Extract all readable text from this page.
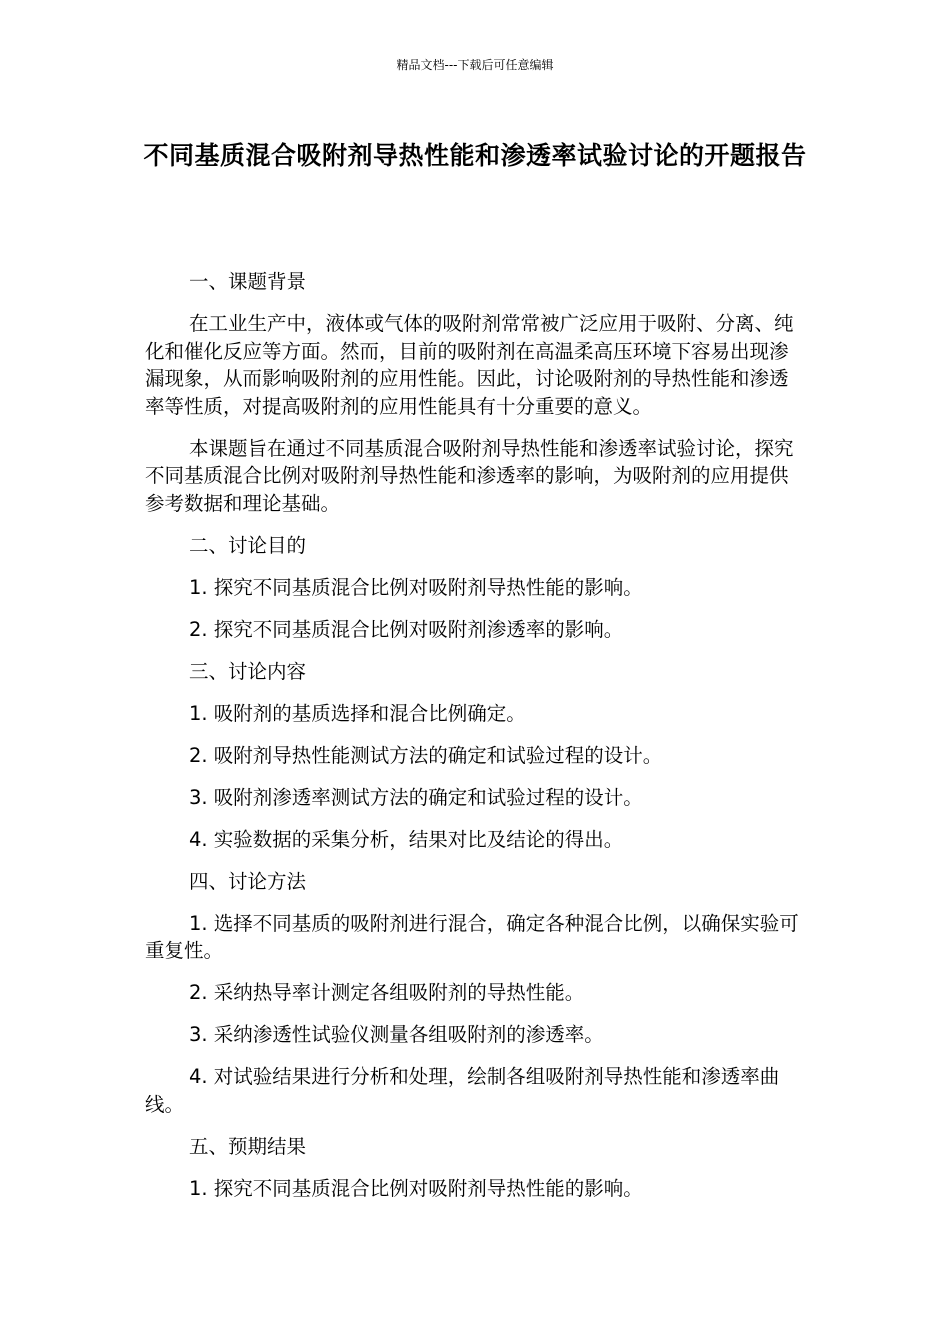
精品文档---下载后可任意编辑
不同基质混合吸附剂导热性能和渗透率试验讨论的开题报告

一、课题背景

在工业生产中，液体或气体的吸附剂常常被广泛应用于吸附、分离、纯化和催化反应等方面。然而，目前的吸附剂在高温柔高压环境下容易出现渗漏现象，从而影响吸附剂的应用性能。因此，讨论吸附剂的导热性能和渗透率等性质，对提高吸附剂的应用性能具有十分重要的意义。

本课题旨在通过不同基质混合吸附剂导热性能和渗透率试验讨论，探究不同基质混合比例对吸附剂导热性能和渗透率的影响，为吸附剂的应用提供参考数据和理论基础。

二、讨论目的

1. 探究不同基质混合比例对吸附剂导热性能的影响。

2. 探究不同基质混合比例对吸附剂渗透率的影响。

三、讨论内容

1. 吸附剂的基质选择和混合比例确定。

2. 吸附剂导热性能测试方法的确定和试验过程的设计。

3. 吸附剂渗透率测试方法的确定和试验过程的设计。

4. 实验数据的采集分析，结果对比及结论的得出。

四、讨论方法

1. 选择不同基质的吸附剂进行混合，确定各种混合比例，以确保实验可重复性。

2. 采纳热导率计测定各组吸附剂的导热性能。

3. 采纳渗透性试验仪测量各组吸附剂的渗透率。

4. 对试验结果进行分析和处理，绘制各组吸附剂导热性能和渗透率曲线。

五、预期结果

1. 探究不同基质混合比例对吸附剂导热性能的影响。
